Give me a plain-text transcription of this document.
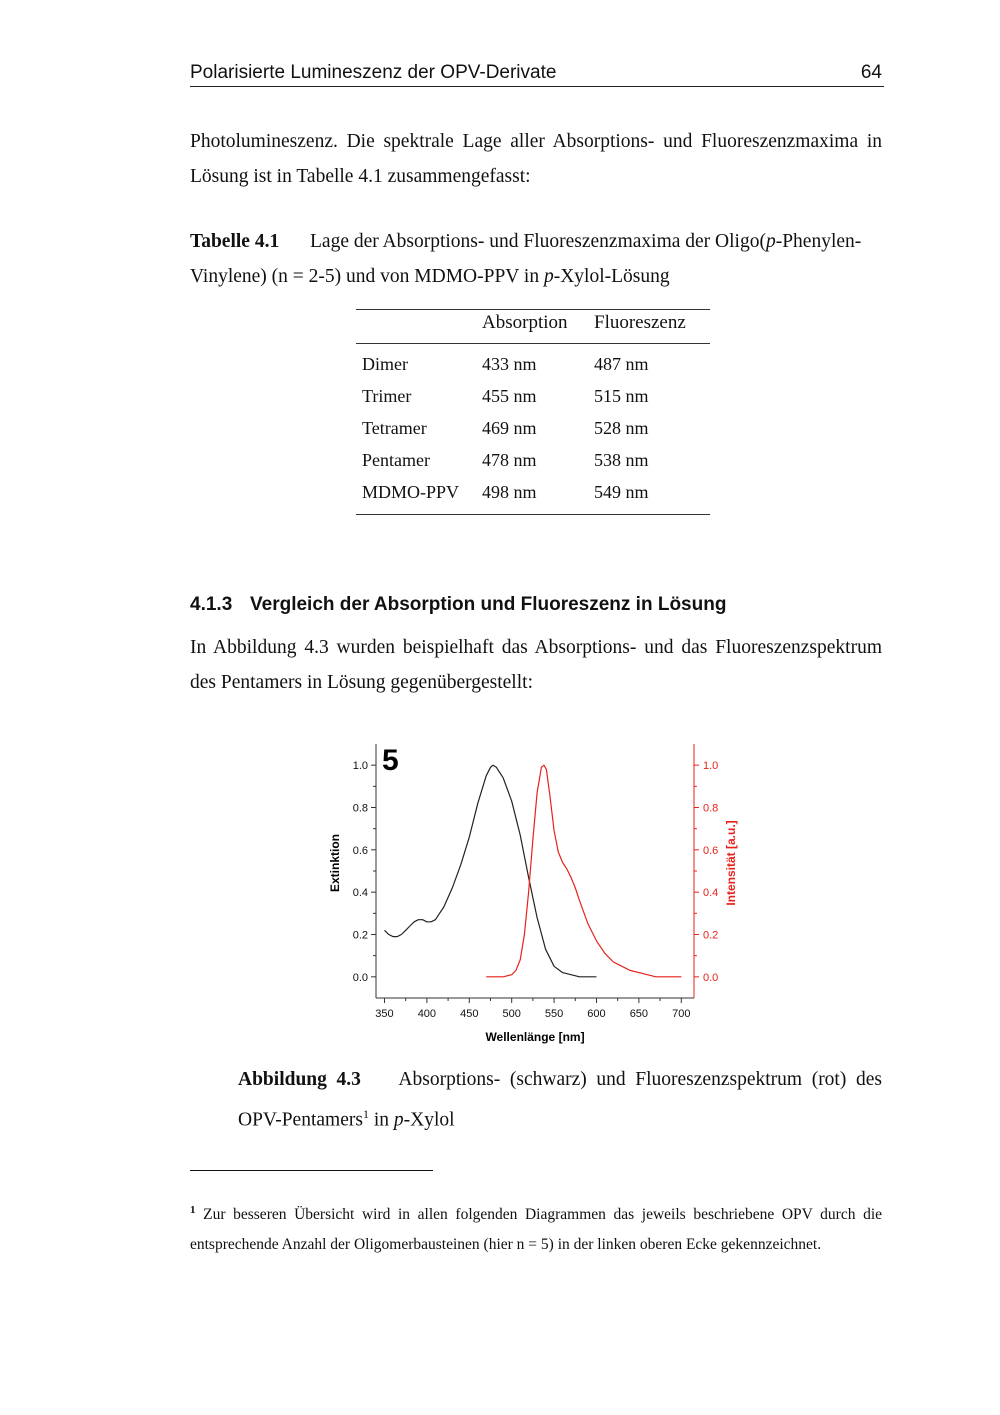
Polarisierte Lumineszenz der OPV-Derivate	64
Photolumineszenz. Die spektrale Lage aller Absorptions- und Fluoreszenzmaxima in Lösung ist in Tabelle 4.1 zusammengefasst:
Tabelle 4.1 Lage der Absorptions- und Fluoreszenzmaxima der Oligo(p-Phenylen-Vinylene) (n = 2-5) und von MDMO-PPV in p-Xylol-Lösung
	Absorption	Fluoreszenz
Dimer	433 nm	487 nm
Trimer	455 nm	515 nm
Tetramer	469 nm	528 nm
Pentamer	478 nm	538 nm
MDMO-PPV	498 nm	549 nm
4.1.3 Vergleich der Absorption und Fluoreszenz in Lösung
In Abbildung 4.3 wurden beispielhaft das Absorptions- und das Fluoreszenzspektrum des Pentamers in Lösung gegenübergestellt:
350 400 450 500 550 600 650 700
0.0	0.0
0.2	0.2
0.4	0.4
0.6	0.6
0.8	0.8
1.0	1.0
5
Extinktion	Intensität [a.u.]
Wellenlänge [nm]
Abbildung 4.3 Absorptions- (schwarz) und Fluoreszenzspektrum (rot) des OPV-Pentamers$^1$ in p-Xylol
$^1$ Zur besseren Übersicht wird in allen folgenden Diagrammen das jeweils beschriebene OPV durch die entsprechende Anzahl der Oligomerbausteinen (hier n = 5) in der linken oberen Ecke gekennzeichnet.
